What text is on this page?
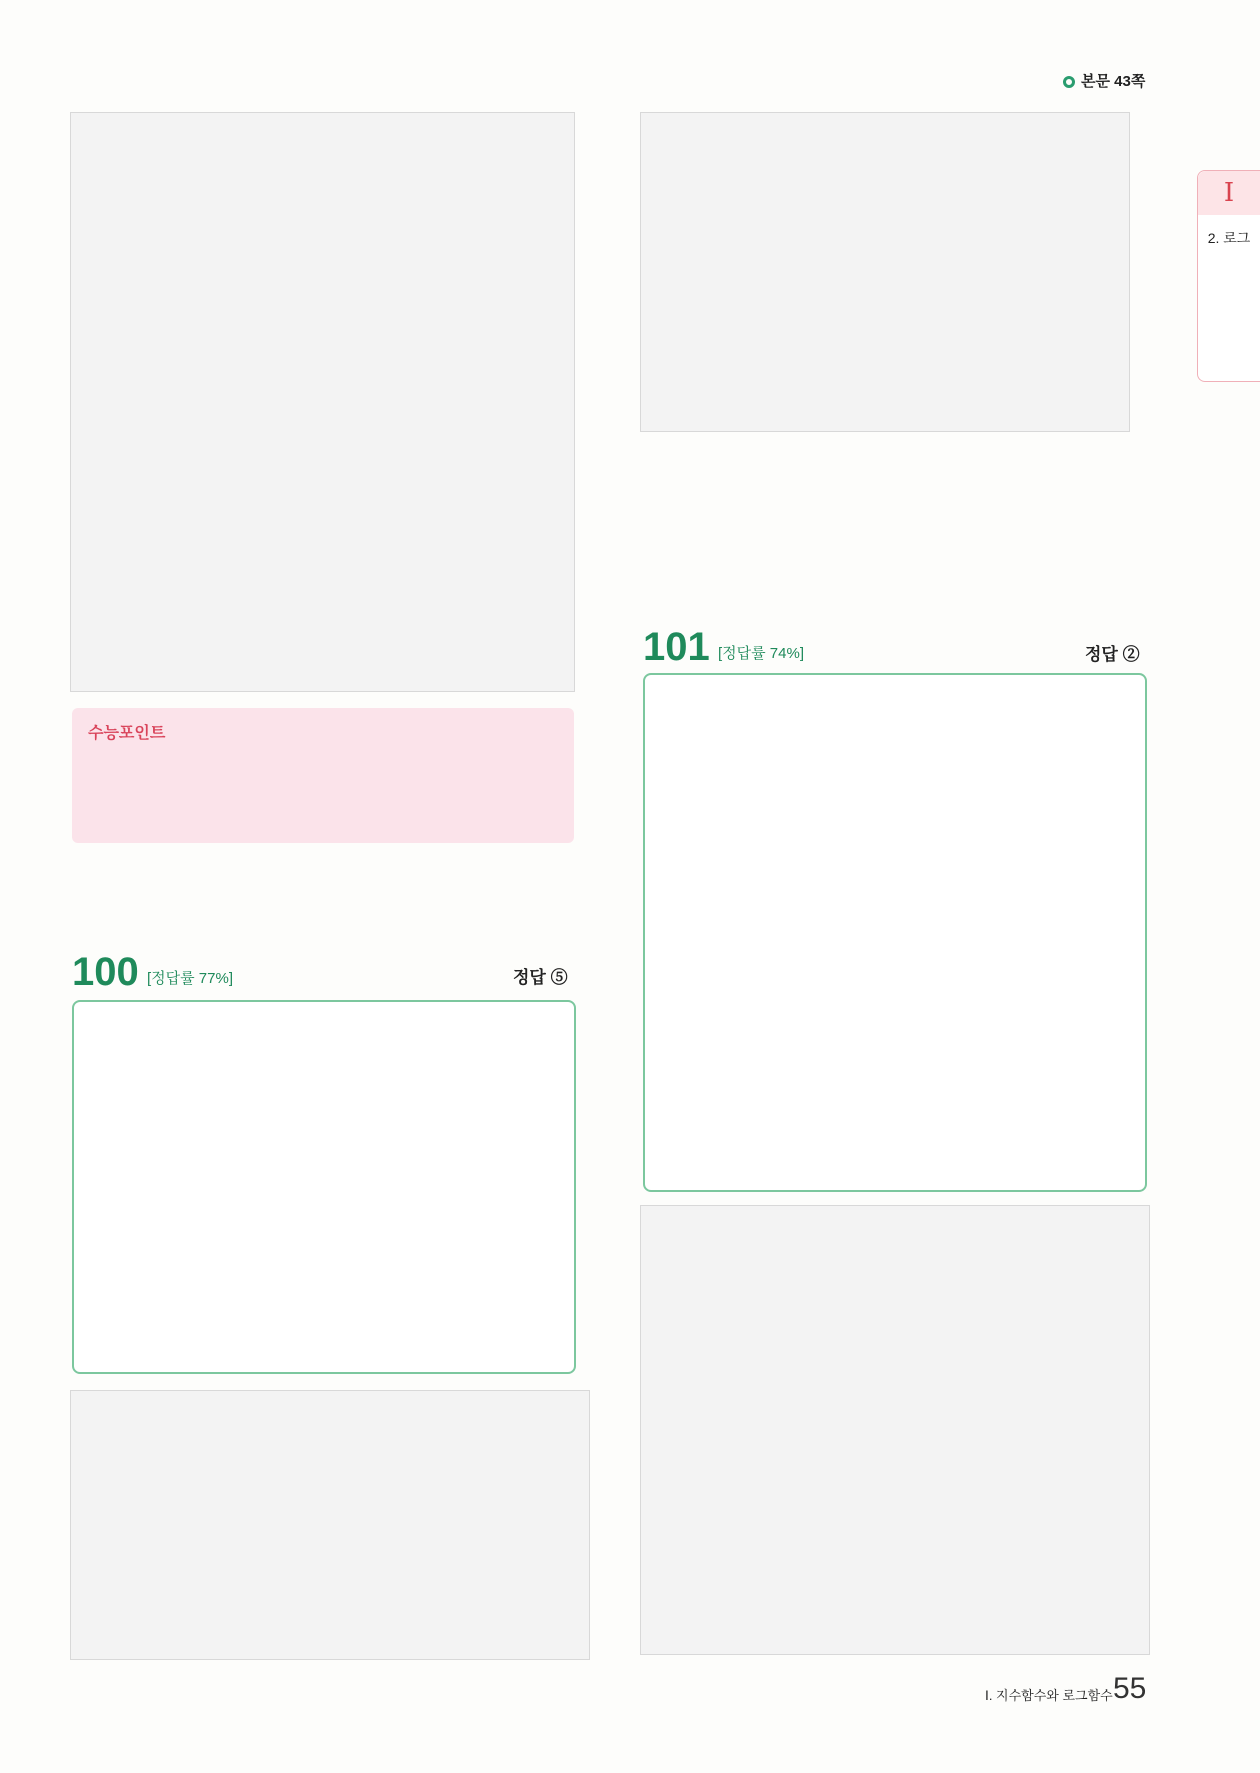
본문 43쪽
I
2. 로그
수능포인트
100 [정답률 77%]	정답 ⑤
101 [정답률 74%]	정답 ②
Ⅰ. 지수함수와 로그함수 55
